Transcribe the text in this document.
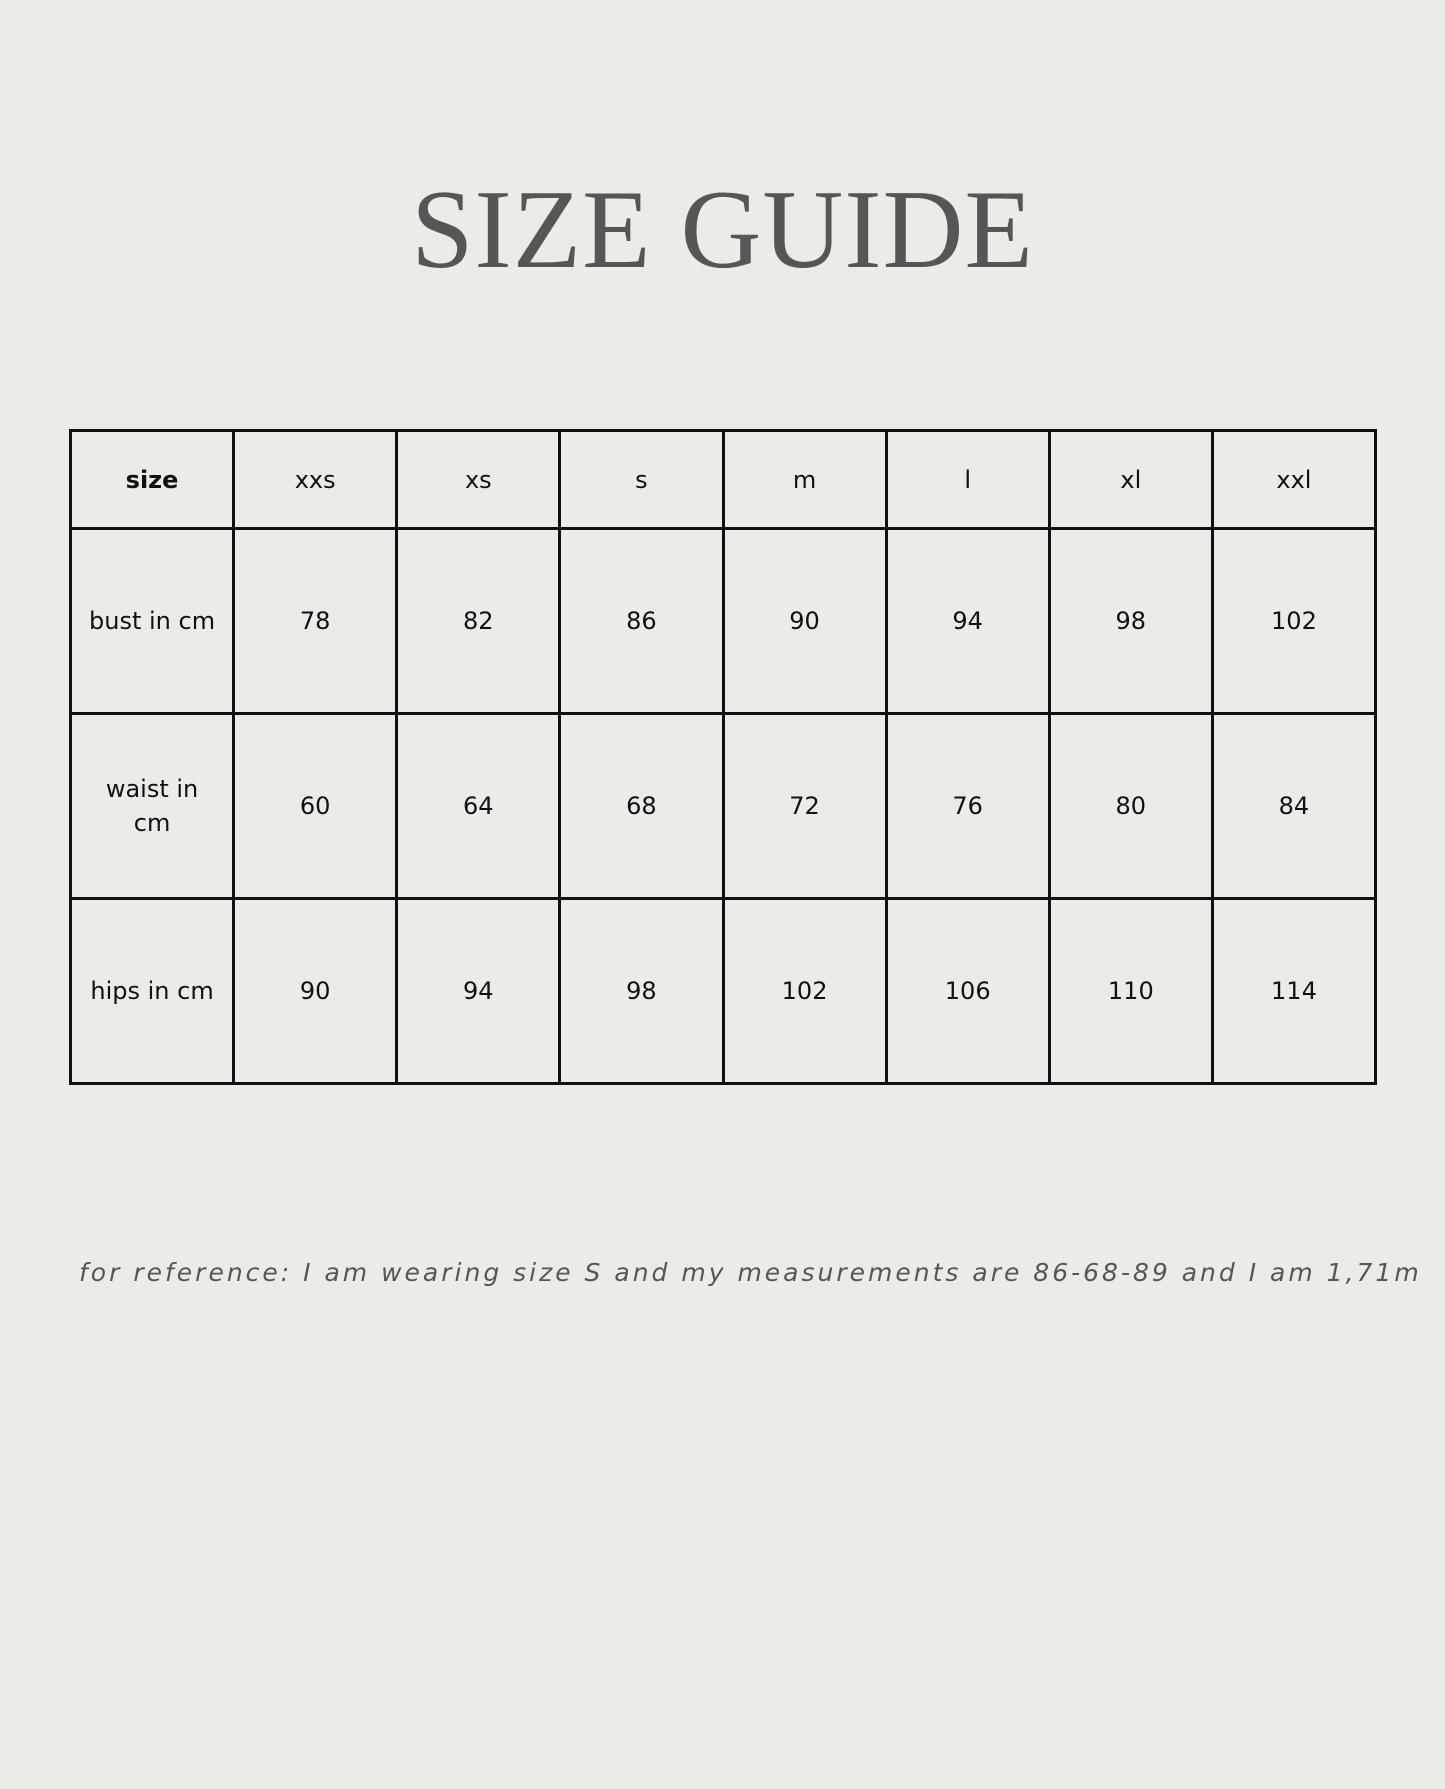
SIZE GUIDE
size	xxs	xs	s	m	l	xl	xxl
bust in cm	78	82	86	90	94	98	102
waist in cm	60	64	68	72	76	80	84
hips in cm	90	94	98	102	106	110	114

for reference: I am wearing size S and my measurements are 86-68-89 and I am 1,71m
